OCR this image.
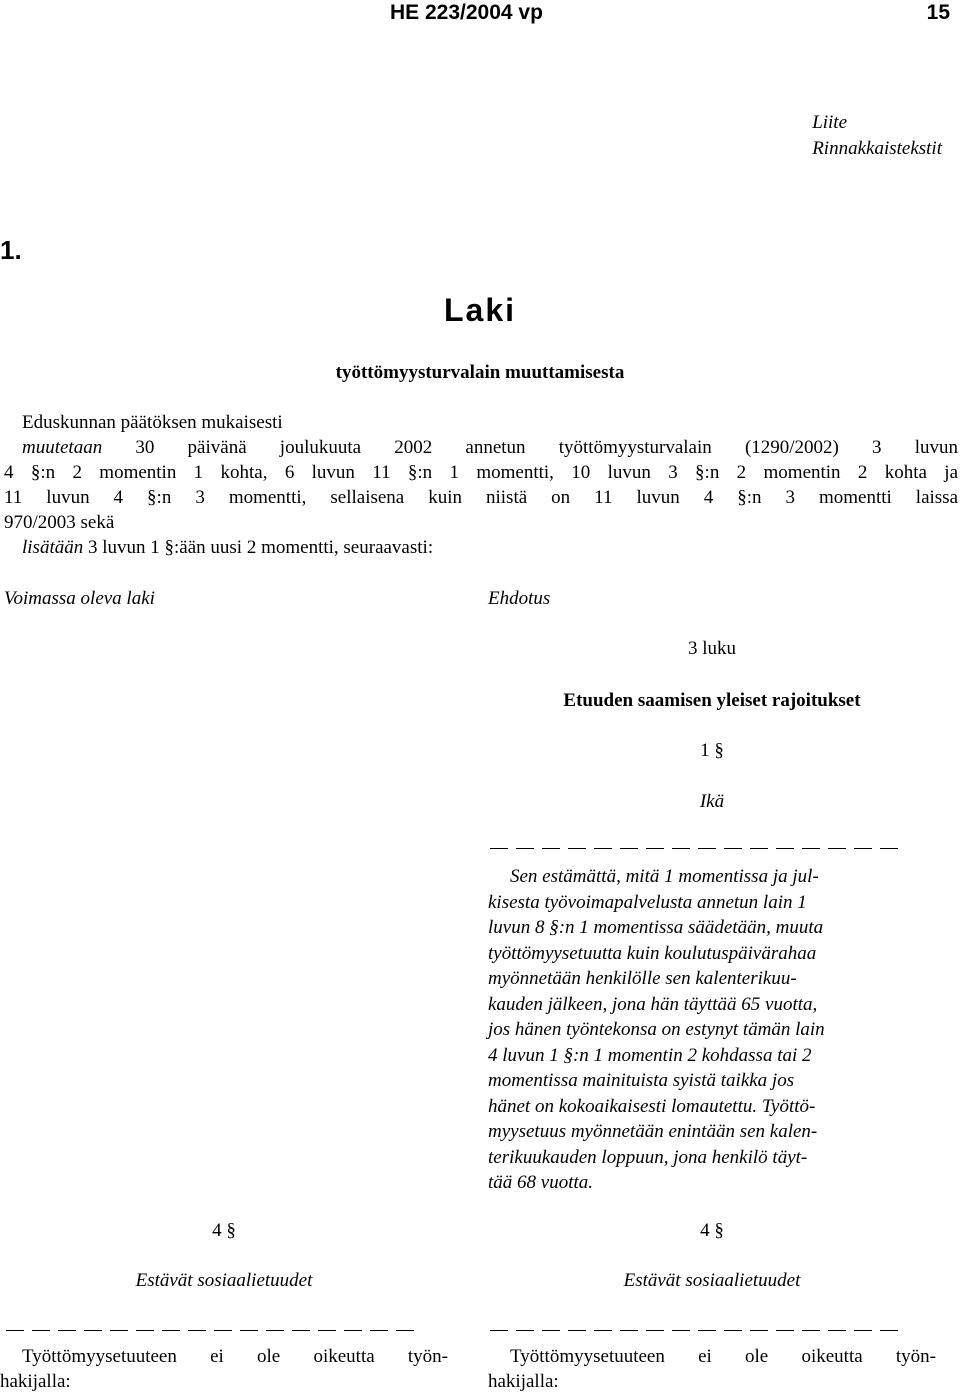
HE 223/2004 vp	15
Liite
Rinnakkaistekstit
1.
Laki
työttömyysturvalain muuttamisesta
Eduskunnan päätöksen mukaisesti
muutetaan 30 päivänä joulukuuta 2002 annetun työttömyysturvalain (1290/2002) 3 luvun
4 §:n 2 momentin 1 kohta, 6 luvun 11 §:n 1 momentti, 10 luvun 3 §:n 2 momentin 2 kohta ja
11 luvun 4 §:n 3 momentti, sellaisena kuin niistä on 11 luvun 4 §:n 3 momentti laissa
970/2003 sekä
lisätään 3 luvun 1 §:ään uusi 2 momentti, seuraavasti:
Voimassa oleva laki	Ehdotus
3 luku
Etuuden saamisen yleiset rajoitukset
1 §
Ikä
Sen estämättä, mitä 1 momentissa ja jul-
kisesta työvoimapalvelusta annetun lain 1
luvun 8 §:n 1 momentissa säädetään, muuta
työttömyysetuutta kuin koulutuspäivärahaa
myönnetään henkilölle sen kalenterikuu-
kauden jälkeen, jona hän täyttää 65 vuotta,
jos hänen työntekonsa on estynyt tämän lain
4 luvun 1 §:n 1 momentin 2 kohdassa tai 2
momentissa mainituista syistä taikka jos
hänet on kokoaikaisesti lomautettu. Työttö-
myysetuus myönnetään enintään sen kalen-
terikuukauden loppuun, jona henkilö täyt-
tää 68 vuotta.
4 §
Estävät sosiaalietuudet
Työttömyysetuuteen ei ole oikeutta työn-
hakijalla:
4 §
Estävät sosiaalietuudet
Työttömyysetuuteen ei ole oikeutta työn-
hakijalla:
